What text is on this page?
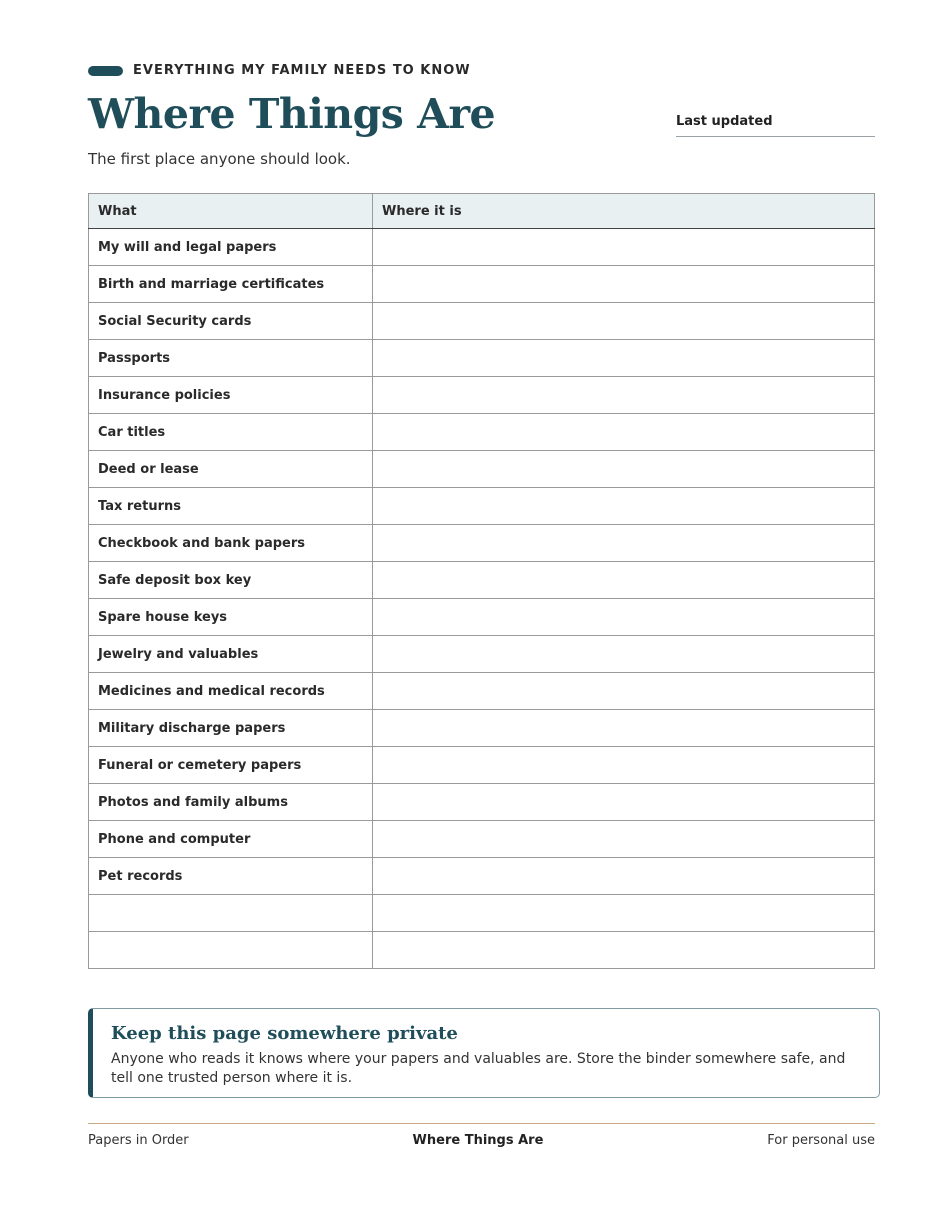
EVERYTHING MY FAMILY NEEDS TO KNOW
Where Things Are
The first place anyone should look.
Last updated
What	Where it is
My will and legal papers	
Birth and marriage certificates	
Social Security cards	
Passports	
Insurance policies	
Car titles	
Deed or lease	
Tax returns	
Checkbook and bank papers	
Safe deposit box key	
Spare house keys	
Jewelry and valuables	
Medicines and medical records	
Military discharge papers	
Funeral or cemetery papers	
Photos and family albums	
Phone and computer	
Pet records	

Keep this page somewhere private

Anyone who reads it knows where your papers and valuables are. Store the binder somewhere safe, and tell one trusted person where it is.

Papers in Order	Where Things Are	For personal use
